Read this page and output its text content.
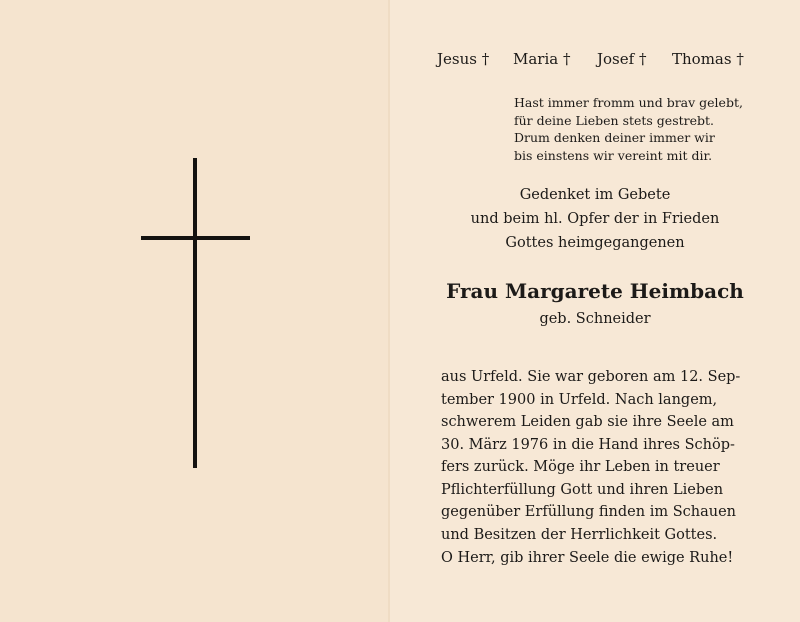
Jesus † Maria † Josef † Thomas †
Hast immer fromm und brav gelebt,
für deine Lieben stets gestrebt.
Drum denken deiner immer wir
bis einstens wir vereint mit dir.
Gedenket im Gebete
und beim hl. Opfer der in Frieden
Gottes heimgegangenen
Frau Margarete Heimbach
geb. Schneider
aus Urfeld. Sie war geboren am 12. Sep-
tember 1900 in Urfeld. Nach langem,
schwerem Leiden gab sie ihre Seele am
30. März 1976 in die Hand ihres Schöp-
fers zurück. Möge ihr Leben in treuer
Pflichterfüllung Gott und ihren Lieben
gegenüber Erfüllung finden im Schauen
und Besitzen der Herrlichkeit Gottes.
O Herr, gib ihrer Seele die ewige Ruhe!
